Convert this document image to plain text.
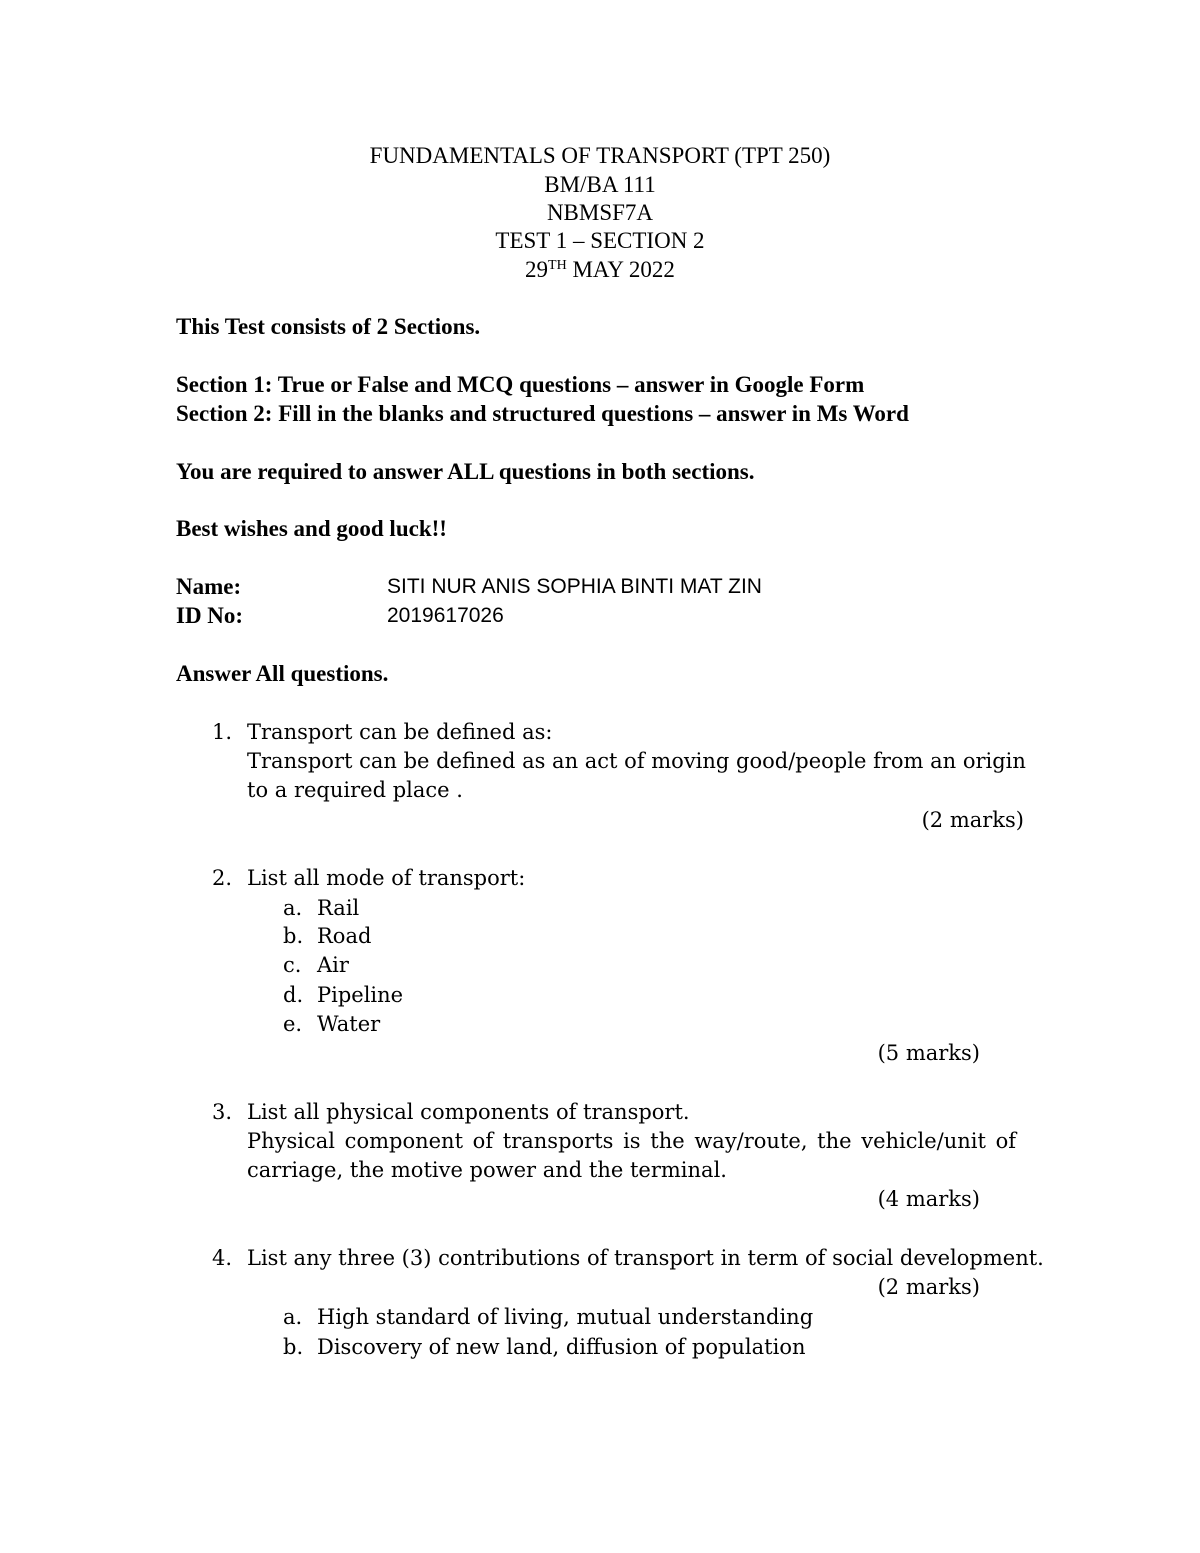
FUNDAMENTALS OF TRANSPORT (TPT 250)
BM/BA 111
NBMSF7A
TEST 1 – SECTION 2
29TH MAY 2022
This Test consists of 2 Sections.
Section 1: True or False and MCQ questions – answer in Google Form
Section 2: Fill in the blanks and structured questions – answer in Ms Word
You are required to answer ALL questions in both sections.
Best wishes and good luck!!
Name:	SITI NUR ANIS SOPHIA BINTI MAT ZIN
ID No:	2019617026
Answer All questions.
1. Transport can be defined as:
Transport can be defined as an act of moving good/people from an origin
to a required place .
(2 marks)
2. List all mode of transport:
a. Rail
b. Road
c. Air
d. Pipeline
e. Water
(5 marks)
3. List all physical components of transport.
Physical component of transports is the way/route, the vehicle/unit of
carriage, the motive power and the terminal.
(4 marks)
4. List any three (3) contributions of transport in term of social development.
(2 marks)
a. High standard of living, mutual understanding
b. Discovery of new land, diffusion of population
